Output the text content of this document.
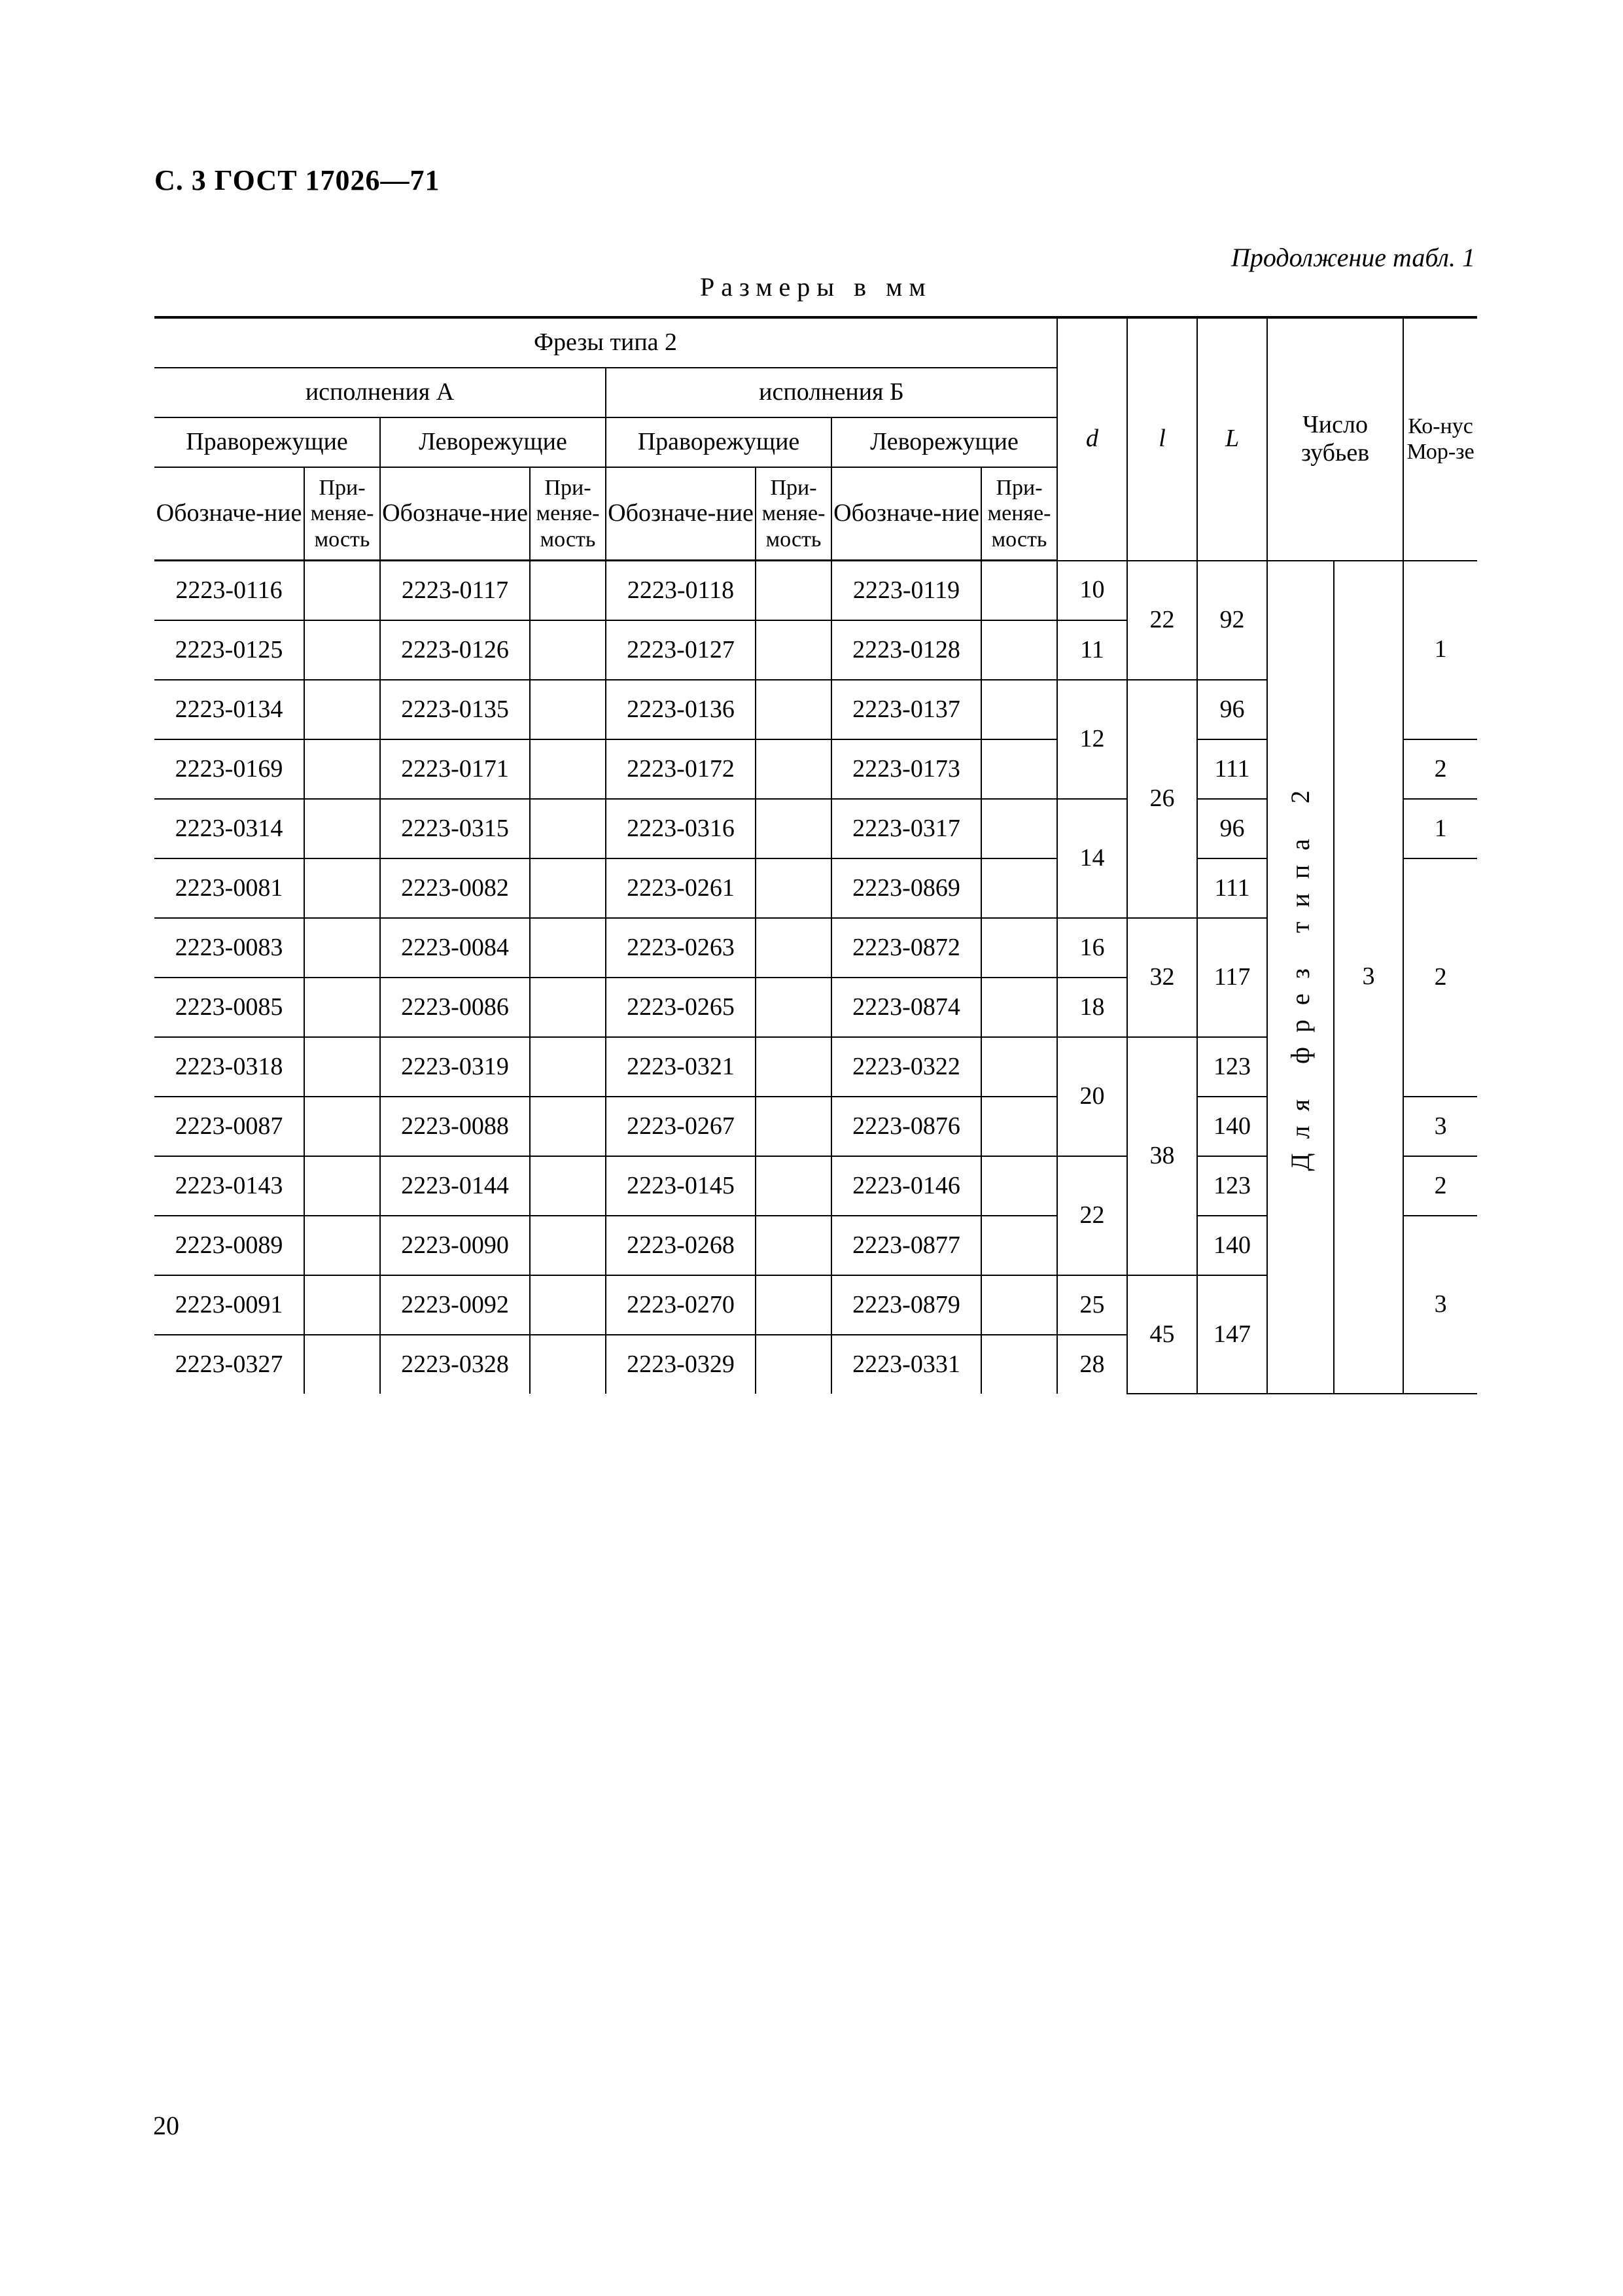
С. 3 ГОСТ 17026—71
Продолжение табл. 1
Размеры в мм
Фрезы типа 2								d	l	L	Число зубьев		Ко-нус Мор-зе
исполнения А				исполнения Б									
Праворежущие		Леворежущие		Праворежущие		Леворежущие							
Обозначе-ние	При-меняе-мость	Обозначе-ние	При-меняе-мость	Обозначе-ние	При-меняе-мость	Обозначе-ние	При-меняе-мость						
2223-0116		2223-0117		2223-0118		2223-0119		10	22	92	Для фрез типа 2	3	1
2223-0125		2223-0126		2223-0127		2223-0128		11					
2223-0134		2223-0135		2223-0136		2223-0137		12	26	96			
2223-0169		2223-0171		2223-0172		2223-0173				111			2
2223-0314		2223-0315		2223-0316		2223-0317		14		96			1
2223-0081		2223-0082		2223-0261		2223-0869				111			2
2223-0083		2223-0084		2223-0263		2223-0872		16	32	117			
2223-0085		2223-0086		2223-0265		2223-0874		18					
2223-0318		2223-0319		2223-0321		2223-0322		20	38	123			
2223-0087		2223-0088		2223-0267		2223-0876				140			3
2223-0143		2223-0144		2223-0145		2223-0146		22		123			2
2223-0089		2223-0090		2223-0268		2223-0877				140			3
2223-0091		2223-0092		2223-0270		2223-0879		25	45	147			
2223-0327		2223-0328		2223-0329		2223-0331		28					
20
